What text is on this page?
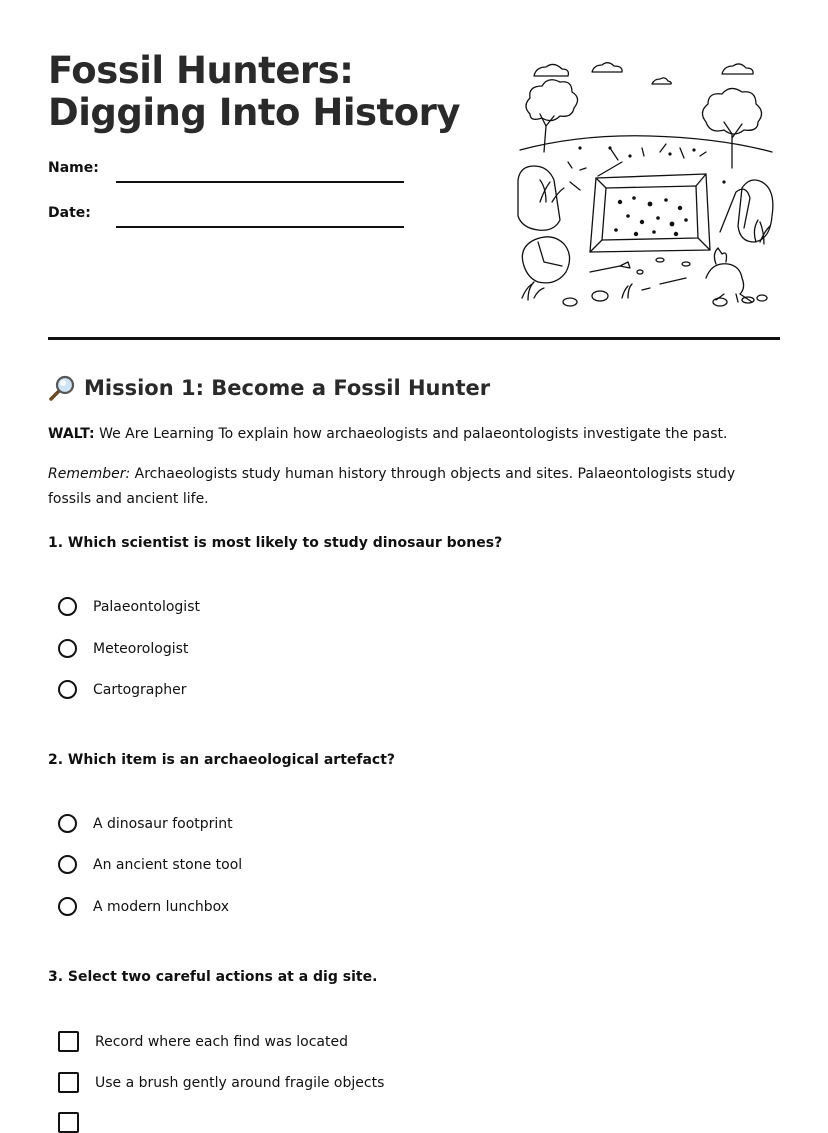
Fossil Hunters: Digging Into History
Name:
Date:
Mission 1: Become a Fossil Hunter
WALT: We Are Learning To explain how archaeologists and palaeontologists investigate the past.
Remember: Archaeologists study human history through objects and sites. Palaeontologists study fossils and ancient life.
1. Which scientist is most likely to study dinosaur bones?
Palaeontologist
Meteorologist
Cartographer
2. Which item is an archaeological artefact?
A dinosaur footprint
An ancient stone tool
A modern lunchbox
3. Select two careful actions at a dig site.
Record where each find was located
Use a brush gently around fragile objects
